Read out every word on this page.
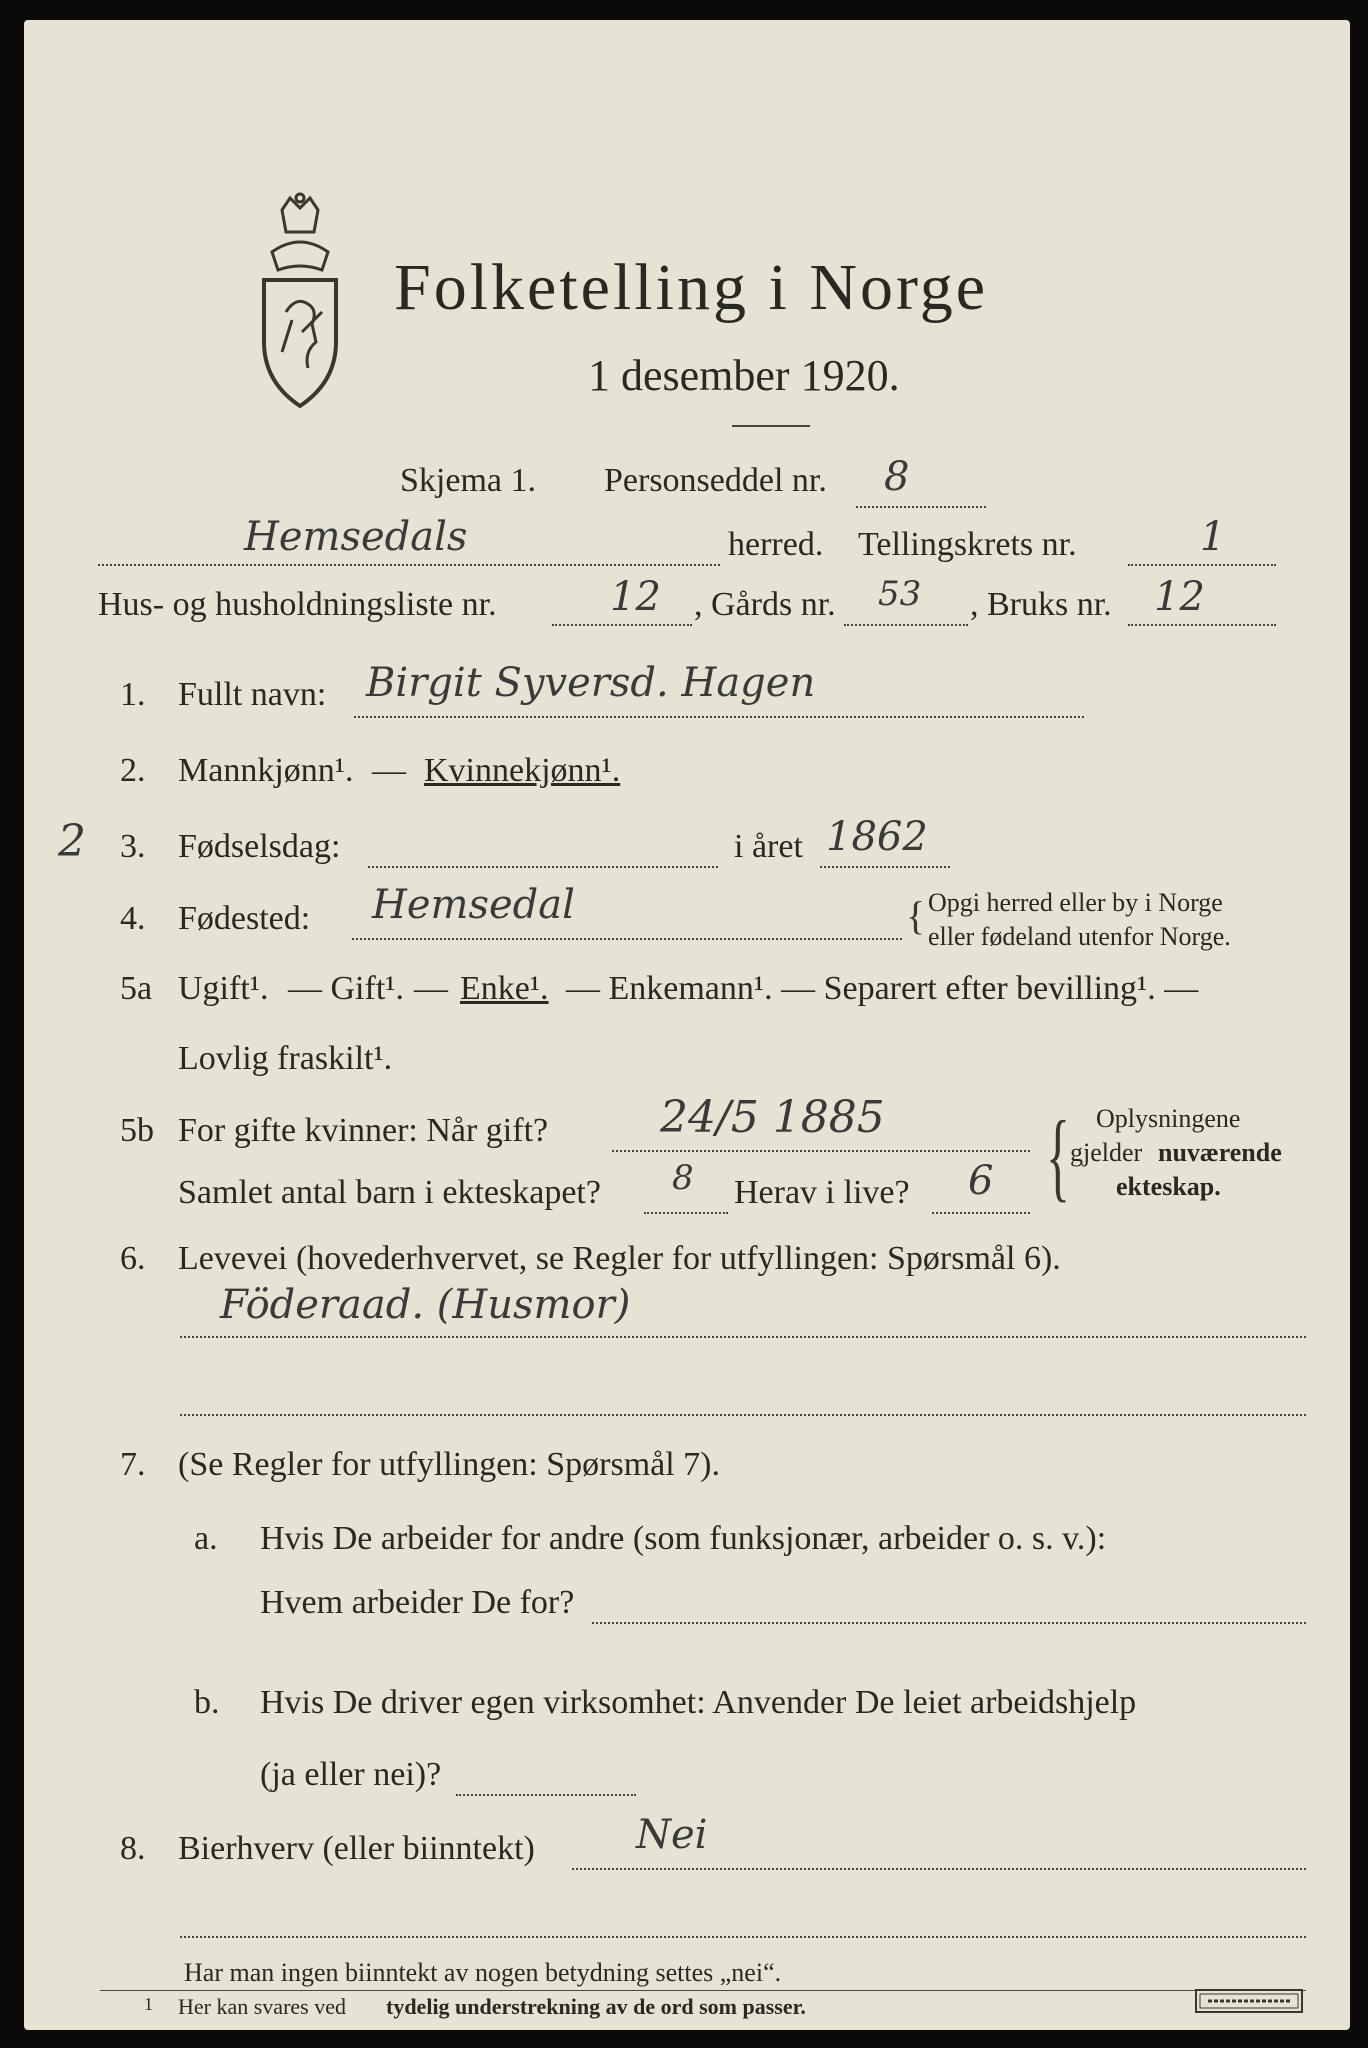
Folketelling i Norge
1 desember 1920.
Skjema 1. Personseddel nr. 8
Hemsedals	herred. Tellingskrets nr.	1
Hus- og husholdningsliste nr.	12 , Gårds nr. 53 , Bruks nr. 12
1. Fullt navn: Birgit Syversd. Hagen
2. Mannkjønn¹. — Kvinnekjønn¹.
2 3. Fødselsdag:	i året 1862
4. Fødested: Hemsedal	{ Opgi herred eller by i Norge
eller fødeland utenfor Norge.
5a Ugift¹. — Gift¹. — Enke¹. — Enkemann¹. — Separert efter bevilling¹. —
Lovlig fraskilt¹.
5b For gifte kvinner: Når gift?	24/5 1885
Samlet antal barn i ekteskapet? 8 Herav i live? 6 { Oplysningene
gjelder nuværende
ekteskap.
6. Levevei (hovederhvervet, se Regler for utfyllingen: Spørsmål 6).
Föderaad. (Husmor)
7. (Se Regler for utfyllingen: Spørsmål 7).
a. Hvis De arbeider for andre (som funksjonær, arbeider o. s. v.):
Hvem arbeider De for?
b. Hvis De driver egen virksomhet: Anvender De leiet arbeidshjelp
(ja eller nei)?
8. Bierhverv (eller biinntekt)	Nei
Har man ingen biinntekt av nogen betydning settes „nei“.
1 Her kan svares ved tydelig understrekning av de ord som passer.
